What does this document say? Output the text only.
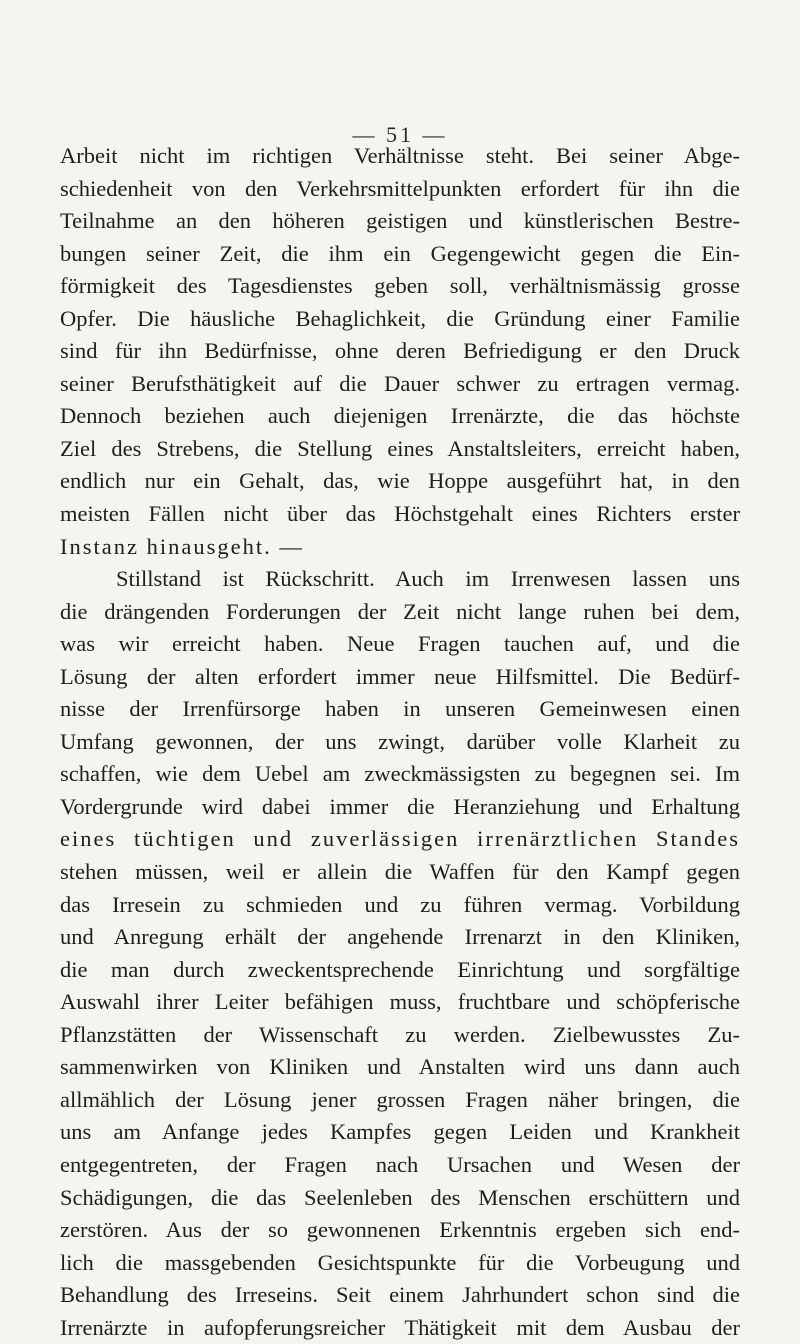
— 51 —
Arbeit nicht im richtigen Verhältnisse steht. Bei seiner Abge-
schiedenheit von den Verkehrsmittelpunkten erfordert für ihn die
Teilnahme an den höheren geistigen und künstlerischen Bestre-
bungen seiner Zeit, die ihm ein Gegengewicht gegen die Ein-
förmigkeit des Tagesdienstes geben soll, verhältnismässig grosse
Opfer. Die häusliche Behaglichkeit, die Gründung einer Familie
sind für ihn Bedürfnisse, ohne deren Befriedigung er den Druck
seiner Berufsthätigkeit auf die Dauer schwer zu ertragen vermag.
Dennoch beziehen auch diejenigen Irrenärzte, die das höchste
Ziel des Strebens, die Stellung eines Anstaltsleiters, erreicht haben,
endlich nur ein Gehalt, das, wie Hoppe ausgeführt hat, in den
meisten Fällen nicht über das Höchstgehalt eines Richters erster
Instanz hinausgeht. —
Stillstand ist Rückschritt. Auch im Irrenwesen lassen uns
die drängenden Forderungen der Zeit nicht lange ruhen bei dem,
was wir erreicht haben. Neue Fragen tauchen auf, und die
Lösung der alten erfordert immer neue Hilfsmittel. Die Bedürf-
nisse der Irrenfürsorge haben in unseren Gemeinwesen einen
Umfang gewonnen, der uns zwingt, darüber volle Klarheit zu
schaffen, wie dem Uebel am zweckmässigsten zu begegnen sei. Im
Vordergrunde wird dabei immer die Heranziehung und Erhaltung
eines tüchtigen und zuverlässigen irrenärztlichen Standes
stehen müssen, weil er allein die Waffen für den Kampf gegen
das Irresein zu schmieden und zu führen vermag. Vorbildung
und Anregung erhält der angehende Irrenarzt in den Kliniken,
die man durch zweckentsprechende Einrichtung und sorgfältige
Auswahl ihrer Leiter befähigen muss, fruchtbare und schöpferische
Pflanzstätten der Wissenschaft zu werden. Zielbewusstes Zu-
sammenwirken von Kliniken und Anstalten wird uns dann auch
allmählich der Lösung jener grossen Fragen näher bringen, die
uns am Anfange jedes Kampfes gegen Leiden und Krankheit
entgegentreten, der Fragen nach Ursachen und Wesen der
Schädigungen, die das Seelenleben des Menschen erschüttern und
zerstören. Aus der so gewonnenen Erkenntnis ergeben sich end-
lich die massgebenden Gesichtspunkte für die Vorbeugung und
Behandlung des Irreseins. Seit einem Jahrhundert schon sind die
Irrenärzte in aufopferungsreicher Thätigkeit mit dem Ausbau der
